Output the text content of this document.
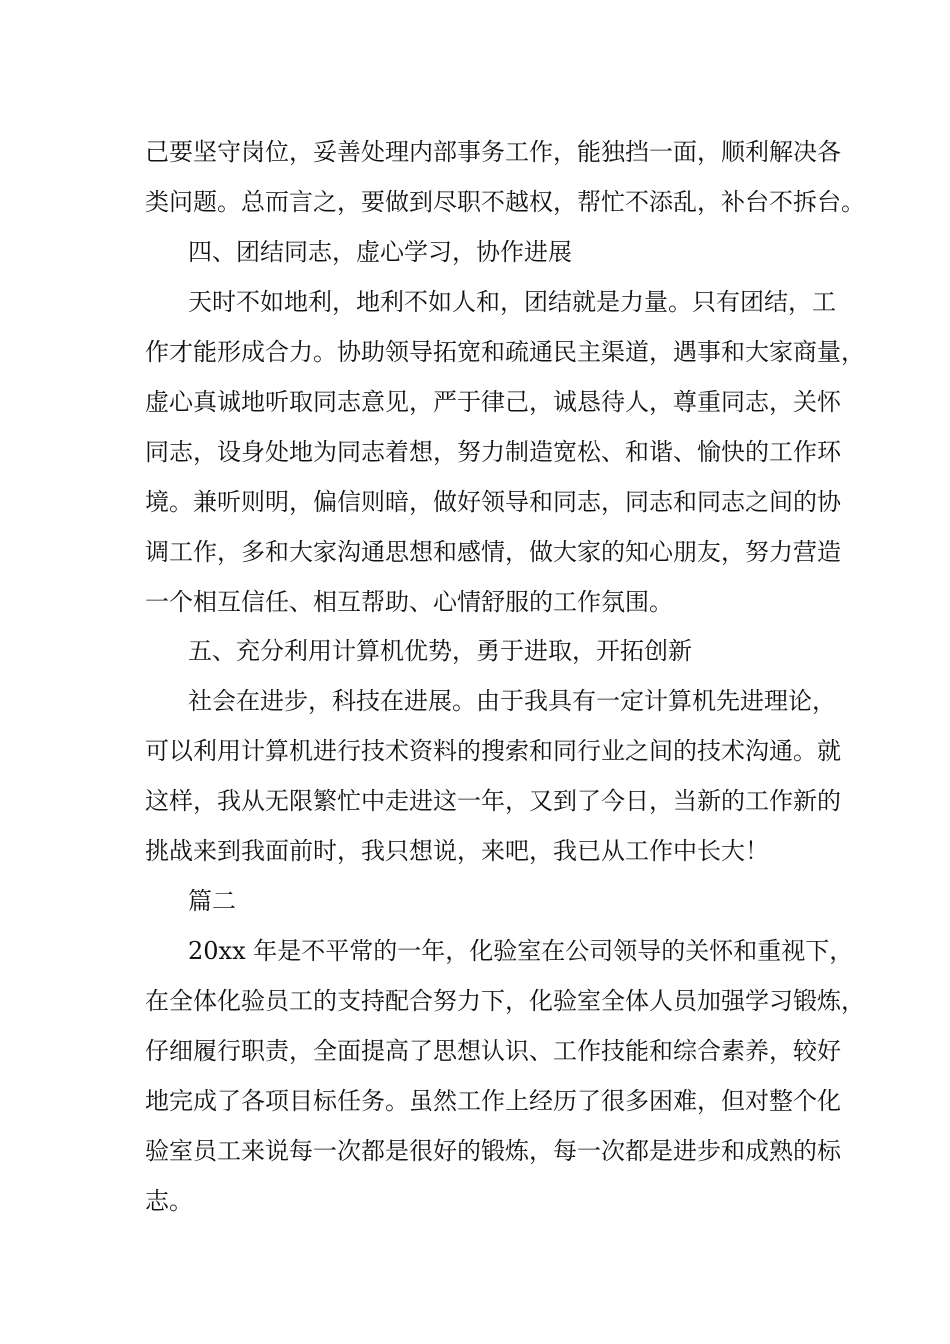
己要坚守岗位，妥善处理内部事务工作，能独挡一面，顺利解决各
类问题。总而言之，要做到尽职不越权，帮忙不添乱，补台不拆台。
四、团结同志，虚心学习，协作进展
天时不如地利，地利不如人和，团结就是力量。只有团结，工
作才能形成合力。协助领导拓宽和疏通民主渠道，遇事和大家商量，
虚心真诚地听取同志意见，严于律己，诚恳待人，尊重同志，关怀
同志，设身处地为同志着想，努力制造宽松、和谐、愉快的工作环
境。兼听则明，偏信则暗，做好领导和同志，同志和同志之间的协
调工作，多和大家沟通思想和感情，做大家的知心朋友，努力营造
一个相互信任、相互帮助、心情舒服的工作氛围。
五、充分利用计算机优势，勇于进取，开拓创新
社会在进步，科技在进展。由于我具有一定计算机先进理论，
可以利用计算机进行技术资料的搜索和同行业之间的技术沟通。就
这样，我从无限繁忙中走进这一年，又到了今日，当新的工作新的
挑战来到我面前时，我只想说，来吧，我已从工作中长大！
篇二
20xx 年是不平常的一年，化验室在公司领导的关怀和重视下，
在全体化验员工的支持配合努力下，化验室全体人员加强学习锻炼，
仔细履行职责，全面提高了思想认识、工作技能和综合素养，较好
地完成了各项目标任务。虽然工作上经历了很多困难，但对整个化
验室员工来说每一次都是很好的锻炼，每一次都是进步和成熟的标
志。
